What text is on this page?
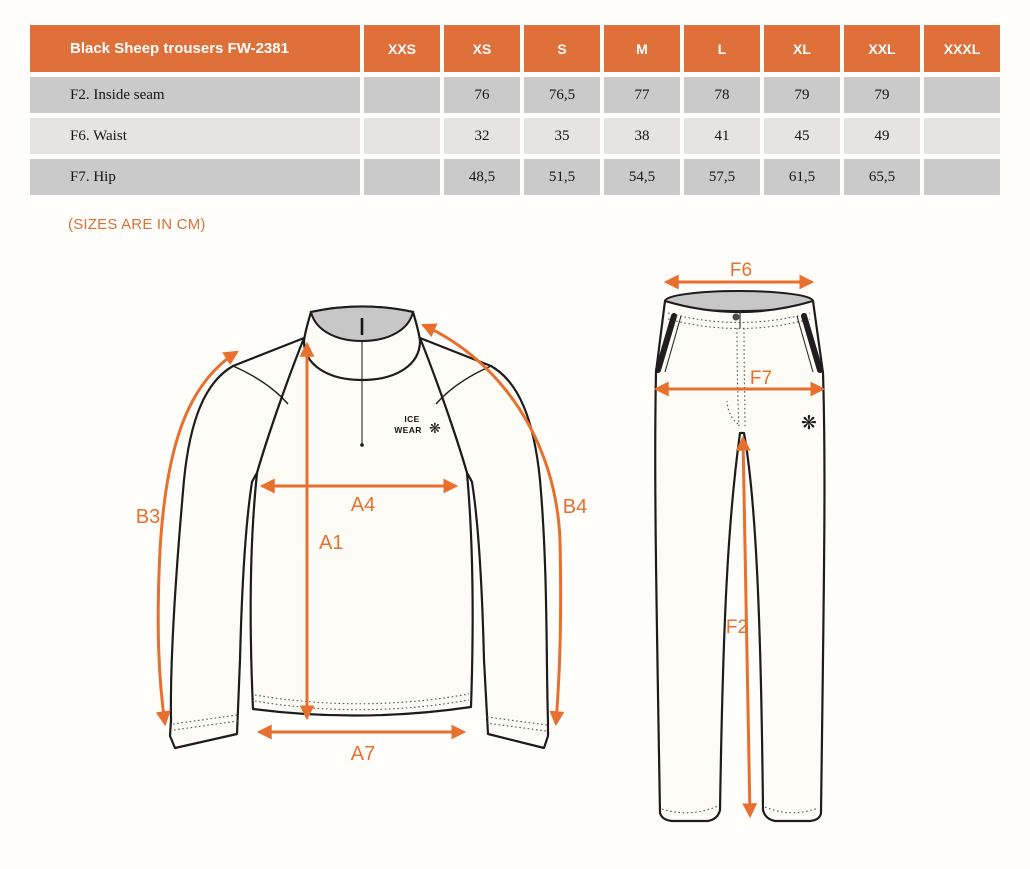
Black Sheep trousers FW-2381	XXS	XS	S	M	L	XL	XXL	XXXL
F2. Inside seam		76	76,5	77	78	79	79	
F6. Waist		32	35	38	41	45	49	
F7. Hip		48,5	51,5	54,5	57,5	61,5	65,5	
(SIZES ARE IN CM)
ICE
WEAR ❋
B3	B4
A4
A1
A7
❋
F6
F7
F2
